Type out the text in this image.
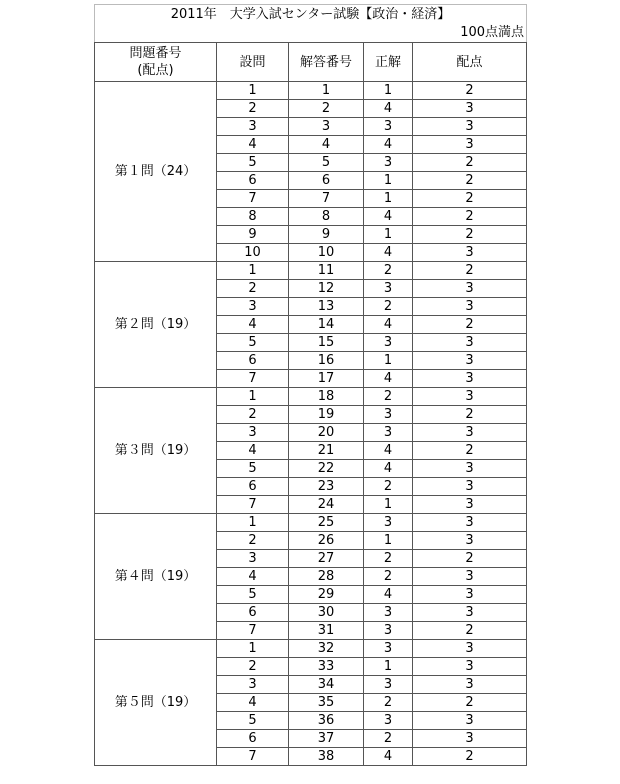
2011年　大学入試センター試験【政治・経済】				
100点満点				
問題番号
(配点)	設問	解答番号	正解	配点
第１問（24）	1	1	1	2
	2	2	4	3
	3	3	3	3
	4	4	4	3
	5	5	3	2
	6	6	1	2
	7	7	1	2
	8	8	4	2
	9	9	1	2
	10	10	4	3
第２問（19）	1	11	2	2
	2	12	3	3
	3	13	2	3
	4	14	4	2
	5	15	3	3
	6	16	1	3
	7	17	4	3
第３問（19）	1	18	2	3
	2	19	3	2
	3	20	3	3
	4	21	4	2
	5	22	4	3
	6	23	2	3
	7	24	1	3
第４問（19）	1	25	3	3
	2	26	1	3
	3	27	2	2
	4	28	2	3
	5	29	4	3
	6	30	3	3
	7	31	3	2
第５問（19）	1	32	3	3
	2	33	1	3
	3	34	3	3
	4	35	2	2
	5	36	3	3
	6	37	2	3
	7	38	4	2
